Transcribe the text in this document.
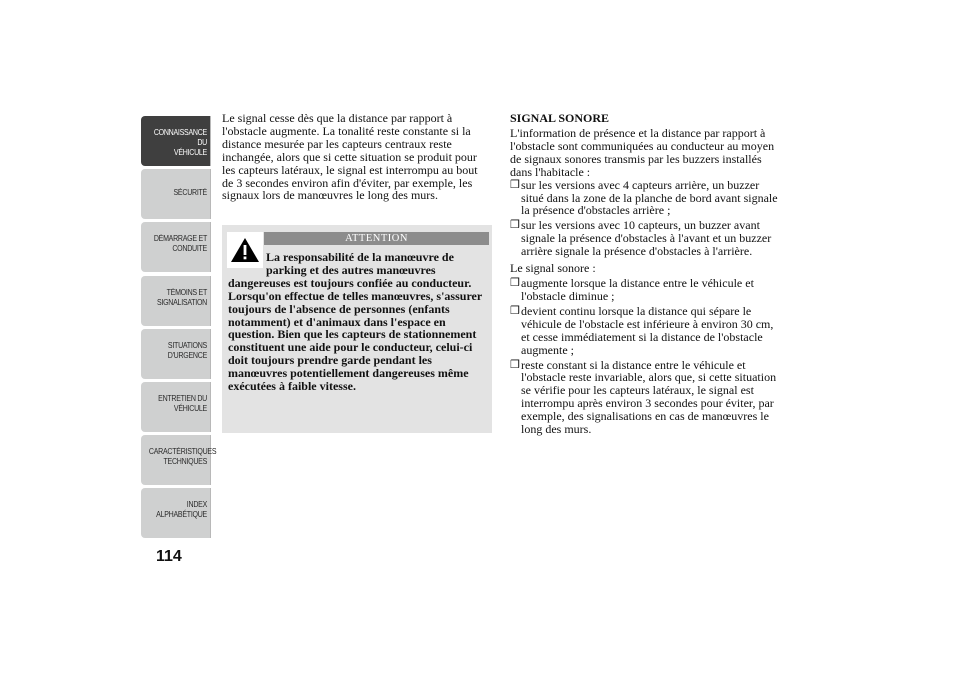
CONNAISSANCE DU
VÉHICULE
SÉCURITÉ
DÉMARRAGE ET
CONDUITE
TÉMOINS ET
SIGNALISATION
SITUATIONS
D'URGENCE
ENTRETIEN DU
VÉHICULE
CARACTÉRISTIQUES
TECHNIQUES
INDEX
ALPHABÉTIQUE
114

Le signal cesse dès que la distance par rapport à l'obstacle augmente. La tonalité reste constante si la distance mesurée par les capteurs centraux reste inchangée, alors que si cette situation se produit pour les capteurs latéraux, le signal est interrompu au bout de 3 secondes environ afin d'éviter, par exemple, les signaux lors de manœuvres le long des murs.

ATTENTION
La responsabilité de la manœuvre de parking et des autres manœuvres
dangereuses est toujours confiée au conducteur. Lorsqu'on effectue de telles manœuvres, s'assurer toujours de l'absence de personnes (enfants notamment) et d'animaux dans l'espace en question. Bien que les capteurs de stationnement constituent une aide pour le conducteur, celui-ci doit toujours prendre garde pendant les manœuvres potentiellement dangereuses même exécutées à faible vitesse.
SIGNAL SONORE

L'information de présence et la distance par rapport à l'obstacle sont communiquées au conducteur au moyen de signaux sonores transmis par les buzzers installés dans l'habitacle :

❒ sur les versions avec 4 capteurs arrière, un buzzer situé dans la zone de la planche de bord avant signale la présence d'obstacles arrière ;
❒ sur les versions avec 10 capteurs, un buzzer avant signale la présence d'obstacles à l'avant et un buzzer arrière signale la présence d'obstacles à l'arrière.

Le signal sonore :

❒ augmente lorsque la distance entre le véhicule et l'obstacle diminue ;
❒ devient continu lorsque la distance qui sépare le véhicule de l'obstacle est inférieure à environ 30 cm, et cesse immédiatement si la distance de l'obstacle augmente ;
❒ reste constant si la distance entre le véhicule et l'obstacle reste invariable, alors que, si cette situation se vérifie pour les capteurs latéraux, le signal est interrompu après environ 3 secondes pour éviter, par exemple, des signalisations en cas de manœuvres le long des murs.
